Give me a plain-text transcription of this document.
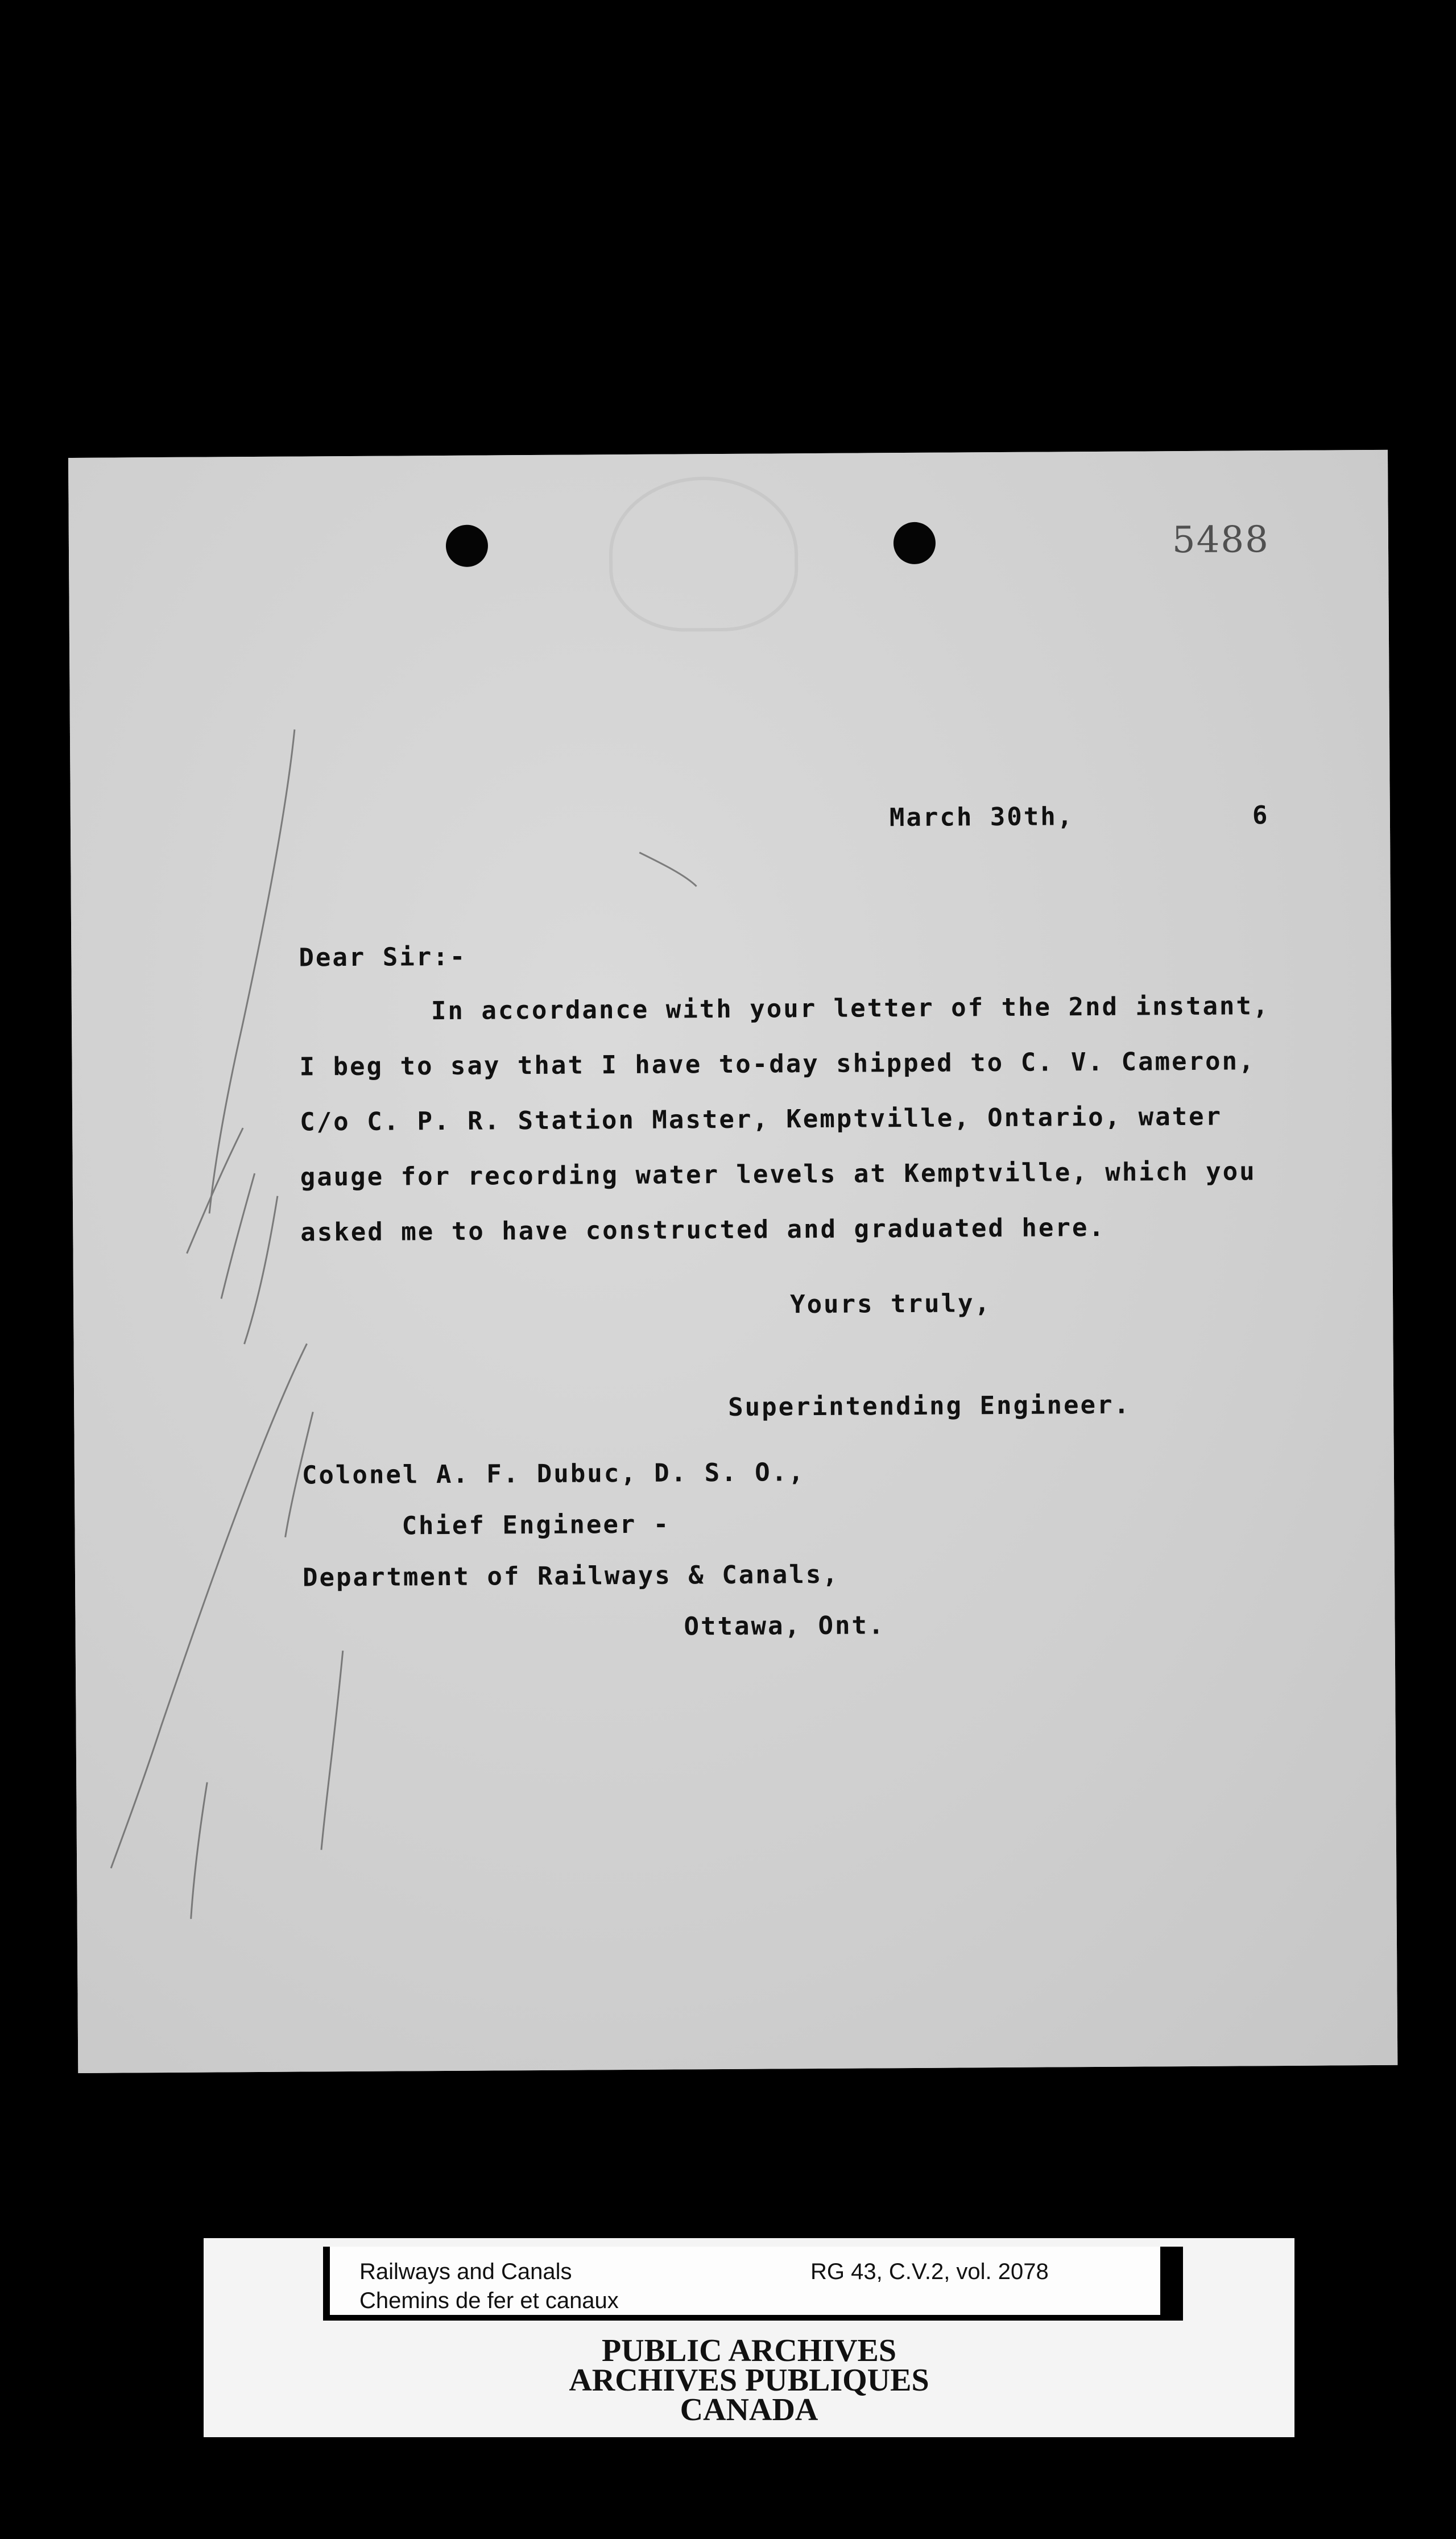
5488
March 30th,	6
Dear Sir:-
In accordance with your letter of the 2nd instant,
I beg to say that I have to-day shipped to C. V. Cameron,
C/o C. P. R. Station Master, Kemptville, Ontario, water
gauge for recording water levels at Kemptville, which you
asked me to have constructed and graduated here.
Yours truly,
Superintending Engineer.
Colonel A. F. Dubuc, D. S. O.,
Chief Engineer -
Department of Railways & Canals,
Ottawa, Ont.
Railways and Canals
Chemins de fer et canaux
RG 43, C.V.2, vol. 2078
PUBLIC ARCHIVES
ARCHIVES PUBLIQUES
CANADA
